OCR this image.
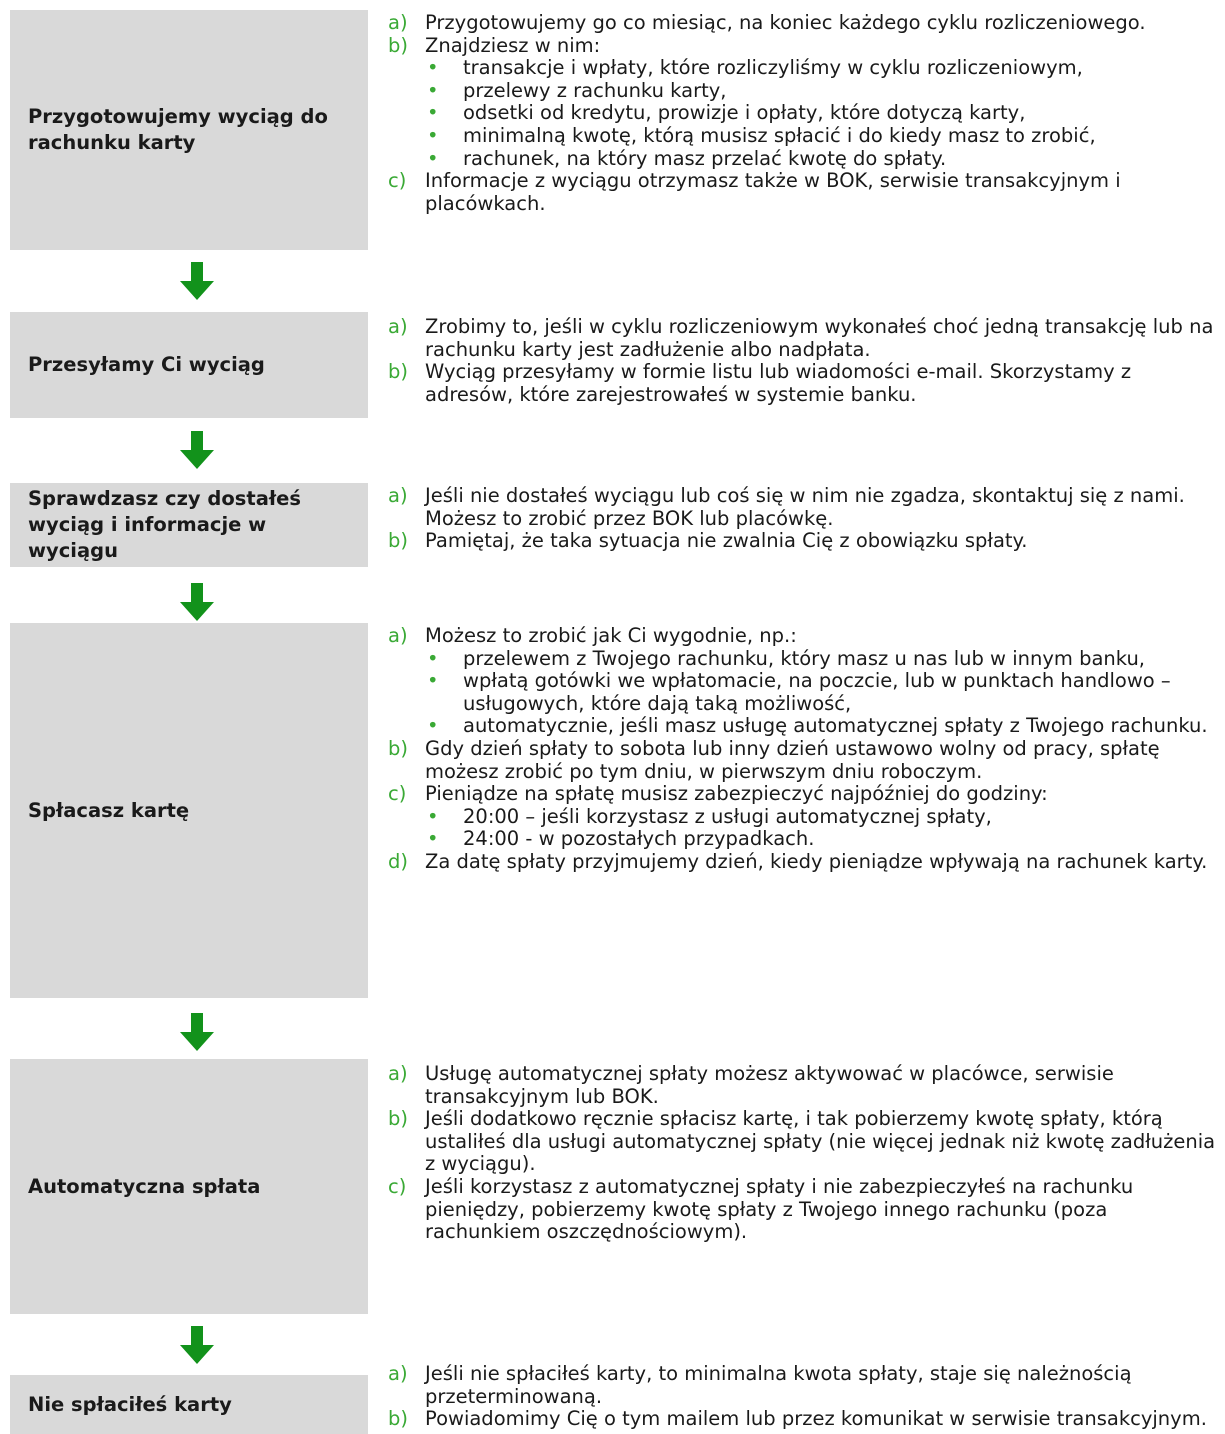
Przygotowujemy wyciąg do rachunku karty
a) Przygotowujemy go co miesiąc, na koniec każdego cyklu rozliczeniowego.
b) Znajdziesz w nim:
•	transakcje i wpłaty, które rozliczyliśmy w cyklu rozliczeniowym,
•	przelewy z rachunku karty,
•	odsetki od kredytu, prowizje i opłaty, które dotyczą karty,
•	minimalną kwotę, którą musisz spłacić i do kiedy masz to zrobić,
•	rachunek, na który masz przelać kwotę do spłaty.
c) Informacje z wyciągu otrzymasz także w BOK, serwisie transakcyjnym i placówkach.
Przesyłamy Ci wyciąg
a) Zrobimy to, jeśli w cyklu rozliczeniowym wykonałeś choć jedną transakcję lub na rachunku karty jest zadłużenie albo nadpłata.
b) Wyciąg przesyłamy w formie listu lub wiadomości e-mail. Skorzystamy z adresów, które zarejestrowałeś w systemie banku.
Sprawdzasz czy dostałeś wyciąg i informacje w wyciągu
a) Jeśli nie dostałeś wyciągu lub coś się w nim nie zgadza, skontaktuj się z nami. Możesz to zrobić przez BOK lub placówkę.
b) Pamiętaj, że taka sytuacja nie zwalnia Cię z obowiązku spłaty.
Spłacasz kartę
a) Możesz to zrobić jak Ci wygodnie, np.:
•	przelewem z Twojego rachunku, który masz u nas lub w innym banku,
•	wpłatą gotówki we wpłatomacie, na poczcie, lub w punktach handlowo – usługowych, które dają taką możliwość,
•	automatycznie, jeśli masz usługę automatycznej spłaty z Twojego rachunku.
b) Gdy dzień spłaty to sobota lub inny dzień ustawowo wolny od pracy, spłatę możesz zrobić po tym dniu, w pierwszym dniu roboczym.
c) Pieniądze na spłatę musisz zabezpieczyć najpóźniej do godziny:
•	20:00 – jeśli korzystasz z usługi automatycznej spłaty,
•	24:00 - w pozostałych przypadkach.
d) Za datę spłaty przyjmujemy dzień, kiedy pieniądze wpływają na rachunek karty.
Automatyczna spłata
a) Usługę automatycznej spłaty możesz aktywować w placówce, serwisie transakcyjnym lub BOK.
b) Jeśli dodatkowo ręcznie spłacisz kartę, i tak pobierzemy kwotę spłaty, którą ustaliłeś dla usługi automatycznej spłaty (nie więcej jednak niż kwotę zadłużenia z wyciągu).
c) Jeśli korzystasz z automatycznej spłaty i nie zabezpieczyłeś na rachunku pieniędzy, pobierzemy kwotę spłaty z Twojego innego rachunku (poza rachunkiem oszczędnościowym).
Nie spłaciłeś karty
a) Jeśli nie spłaciłeś karty, to minimalna kwota spłaty, staje się należnością przeterminowaną.
b) Powiadomimy Cię o tym mailem lub przez komunikat w serwisie transakcyjnym.
